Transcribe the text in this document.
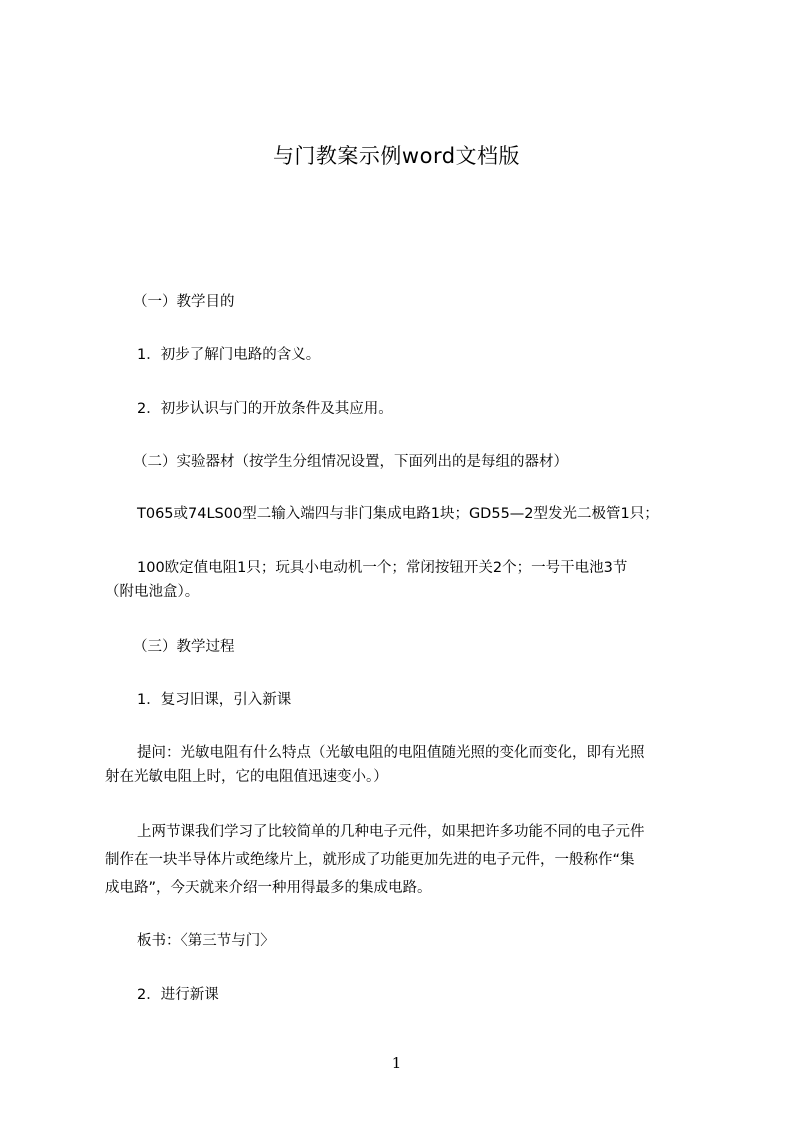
与门教案示例word文档版
（一）教学目的
1．初步了解门电路的含义。
2．初步认识与门的开放条件及其应用。
（二）实验器材（按学生分组情况设置，下面列出的是每组的器材）
T065或74LS00型二输入端四与非门集成电路1块；GD55—2型发光二极管1只；
100欧定值电阻1只；玩具小电动机一个；常闭按钮开关2个；一号干电池3节
（附电池盒）。
（三）教学过程
1．复习旧课，引入新课
提问：光敏电阻有什么特点（光敏电阻的电阻值随光照的变化而变化，即有光照
射在光敏电阻上时，它的电阻值迅速变小。）
上两节课我们学习了比较简单的几种电子元件，如果把许多功能不同的电子元件
制作在一块半导体片或绝缘片上，就形成了功能更加先进的电子元件，一般称作“集
成电路”，今天就来介绍一种用得最多的集成电路。
板书：〈第三节与门〉
2．进行新课
1
